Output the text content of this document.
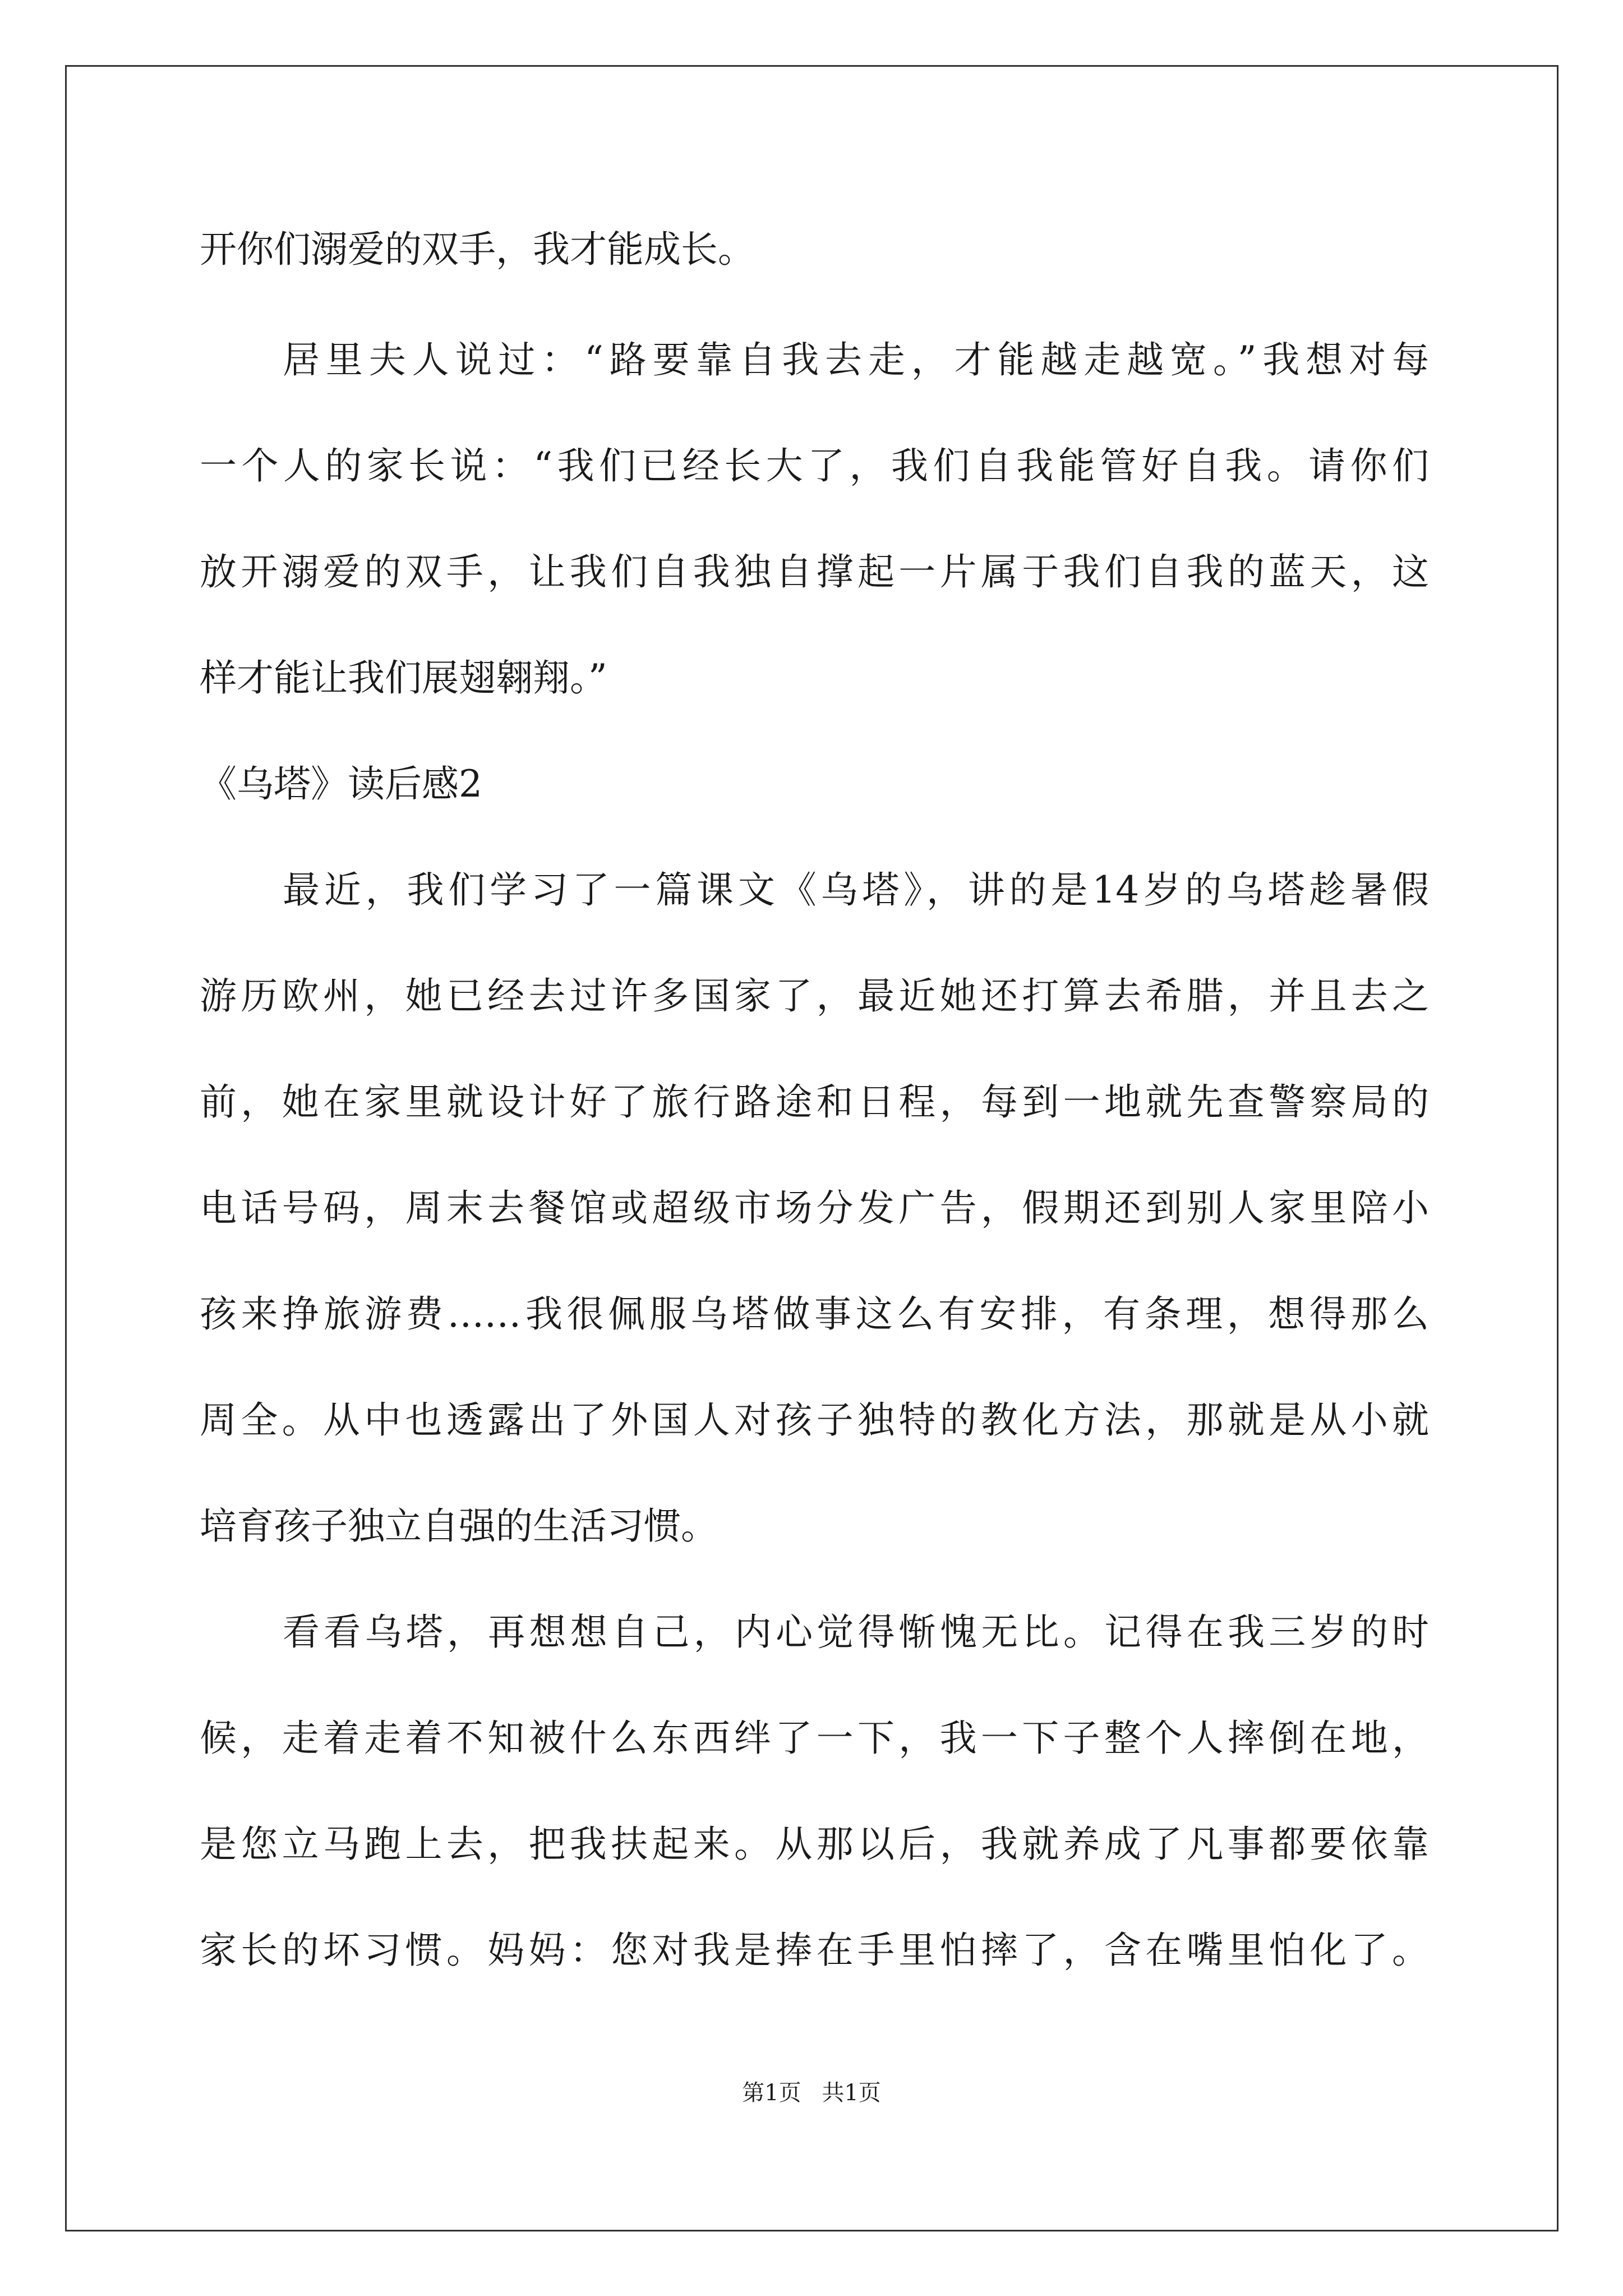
开你们溺爱的双手，我才能成长。
居里夫人说过：“路要靠自我去走，才能越走越宽。”我想对每
一个人的家长说：“我们已经长大了，我们自我能管好自我。请你们
放开溺爱的双手，让我们自我独自撑起一片属于我们自我的蓝天，这
样才能让我们展翅翱翔。”
《乌塔》读后感2
最近，我们学习了一篇课文《乌塔》，讲的是14岁的乌塔趁暑假
游历欧州，她已经去过许多国家了，最近她还打算去希腊，并且去之
前，她在家里就设计好了旅行路途和日程，每到一地就先查警察局的
电话号码，周末去餐馆或超级市场分发广告，假期还到别人家里陪小
孩来挣旅游费……我很佩服乌塔做事这么有安排，有条理，想得那么
周全。从中也透露出了外国人对孩子独特的教化方法，那就是从小就
培育孩子独立自强的生活习惯。
看看乌塔，再想想自己，内心觉得惭愧无比。记得在我三岁的时
候，走着走着不知被什么东西绊了一下，我一下子整个人摔倒在地，
是您立马跑上去，把我扶起来。从那以后，我就养成了凡事都要依靠
家长的坏习惯。妈妈：您对我是捧在手里怕摔了，含在嘴里怕化了。
第1页 共1页
